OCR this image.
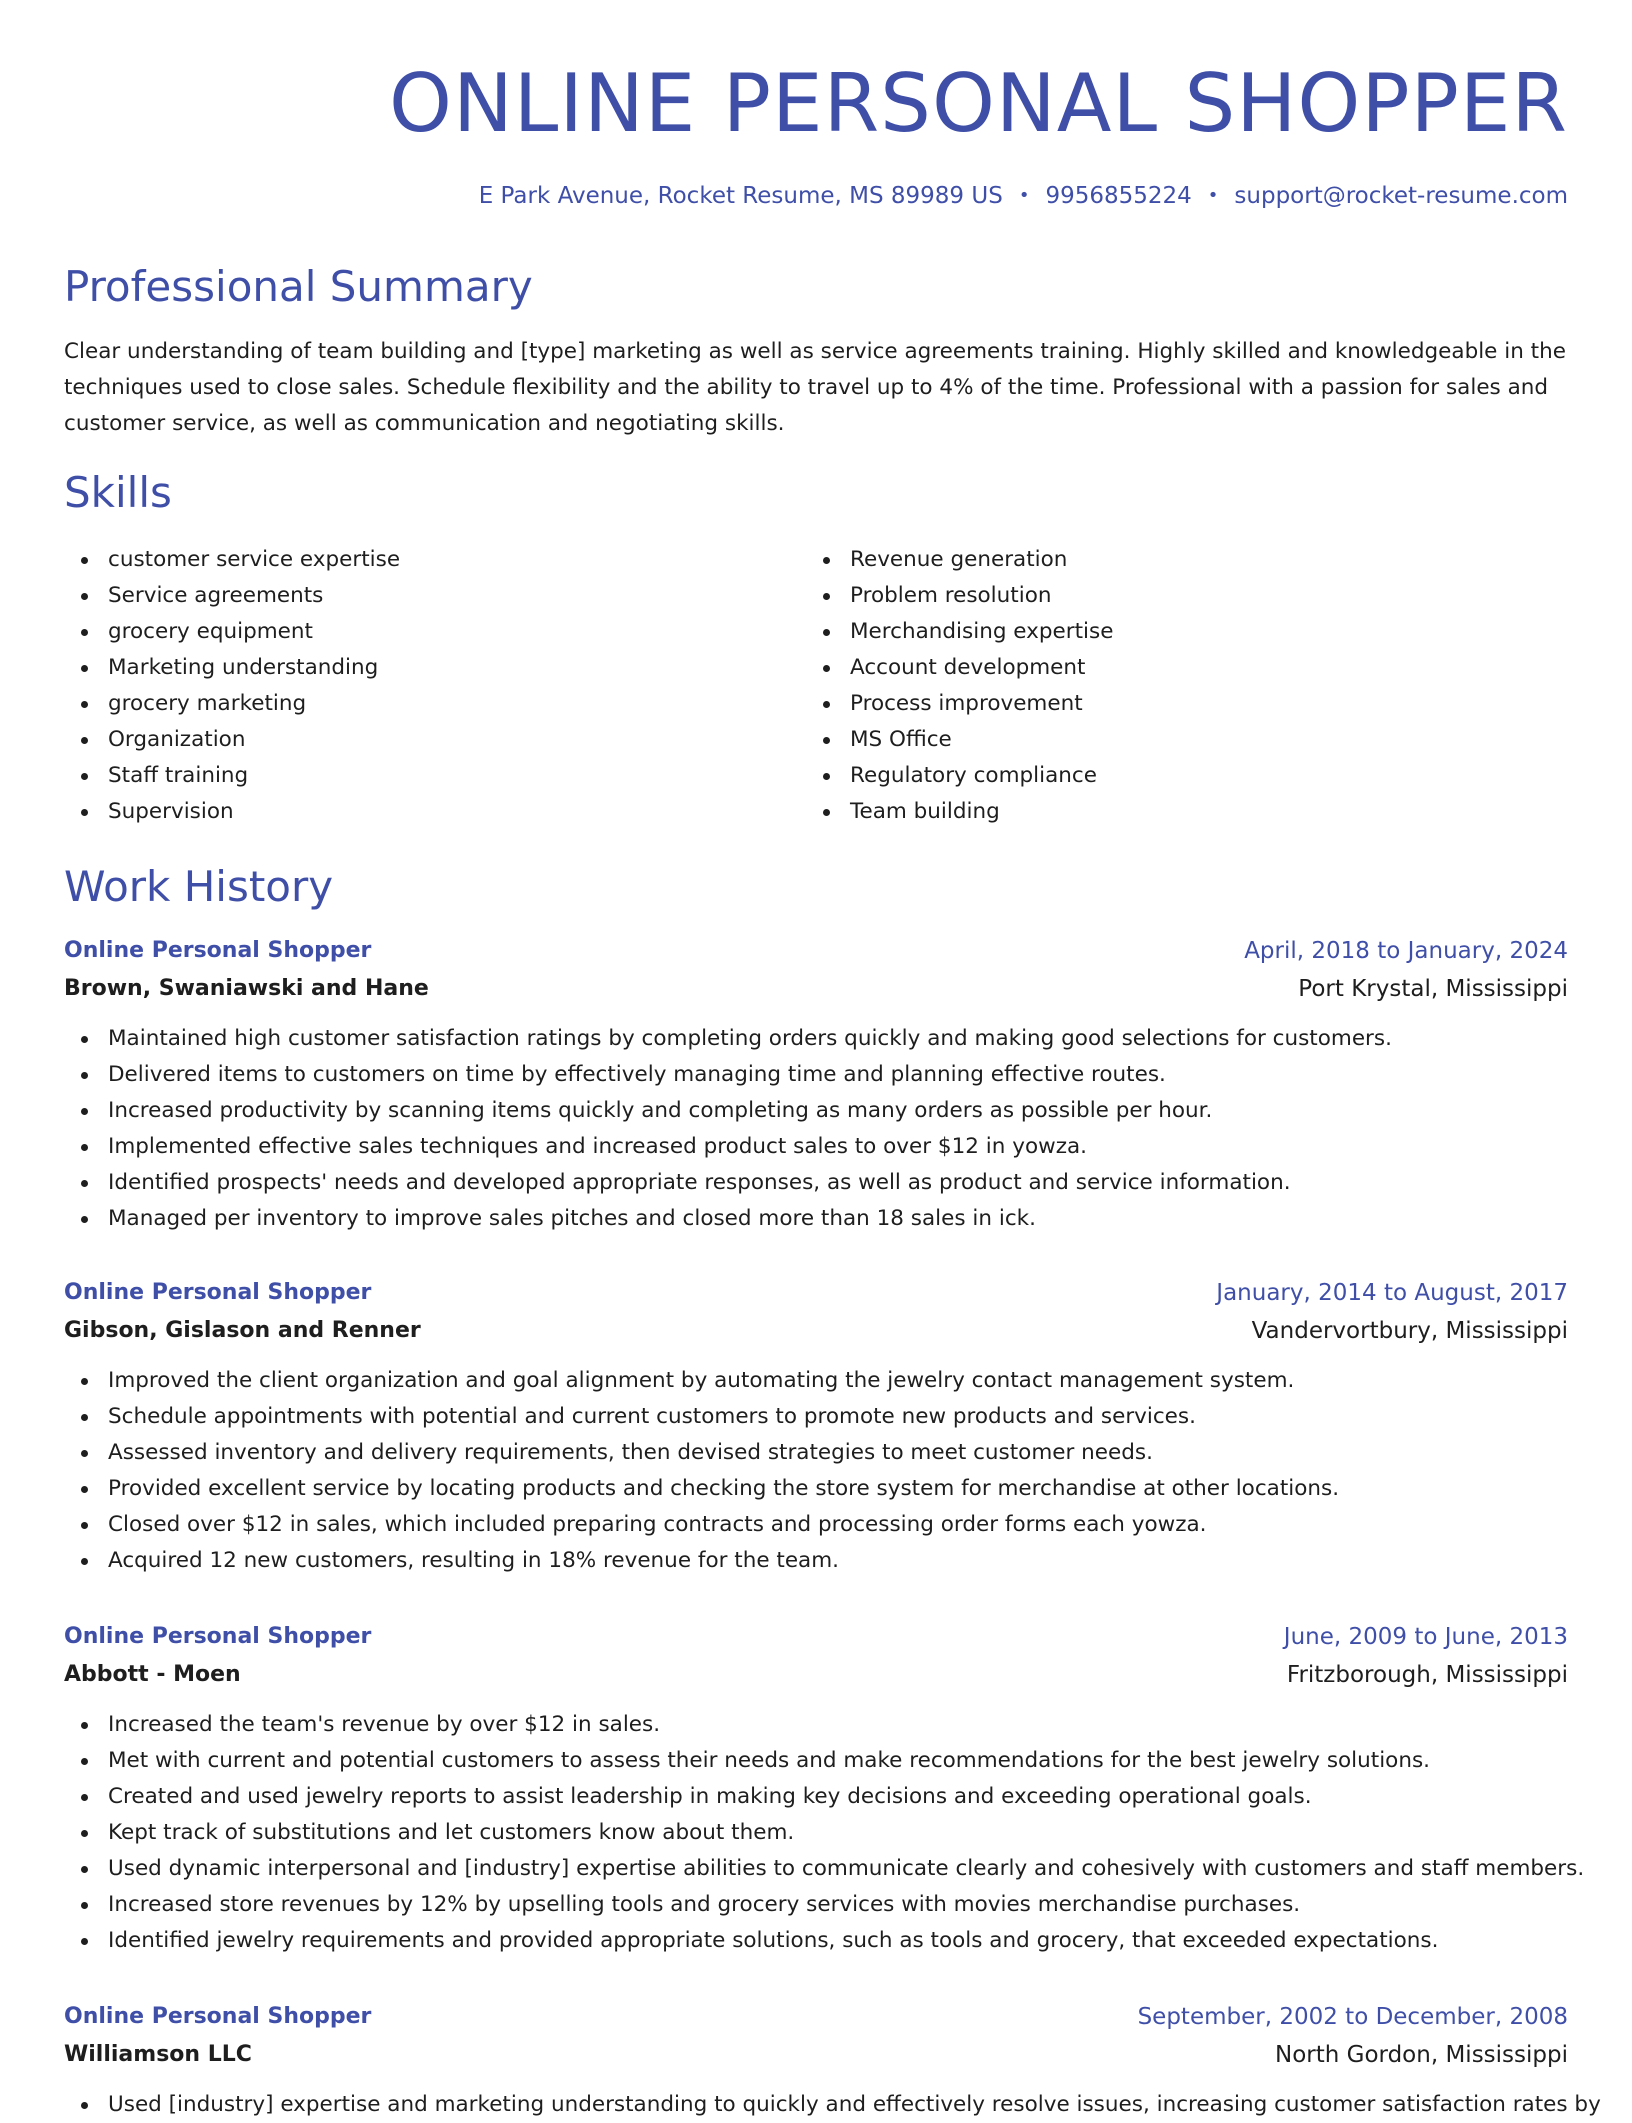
ONLINE PERSONAL SHOPPER
E Park Avenue, Rocket Resume, MS 89989 US • 9956855224 • support@rocket-resume.com
Professional Summary

Clear understanding of team building and [type] marketing as well as service agreements training. Highly skilled and knowledgeable in the techniques used to close sales. Schedule flexibility and the ability to travel up to 4% of the time. Professional with a passion for sales and customer service, as well as communication and negotiating skills.

Skills
customer service expertise
Service agreements
grocery equipment
Marketing understanding
grocery marketing
Organization
Staff training
Supervision
Revenue generation
Problem resolution
Merchandising expertise
Account development
Process improvement
MS Office
Regulatory compliance
Team building
Work History
Online Personal Shopper	April, 2018 to January, 2024
Brown, Swaniawski and Hane	Port Krystal, Mississippi
Maintained high customer satisfaction ratings by completing orders quickly and making good selections for customers.
Delivered items to customers on time by effectively managing time and planning effective routes.
Increased productivity by scanning items quickly and completing as many orders as possible per hour.
Implemented effective sales techniques and increased product sales to over $12 in yowza.
Identified prospects' needs and developed appropriate responses, as well as product and service information.
Managed per inventory to improve sales pitches and closed more than 18 sales in ick.
Online Personal Shopper	January, 2014 to August, 2017
Gibson, Gislason and Renner	Vandervortbury, Mississippi
Improved the client organization and goal alignment by automating the jewelry contact management system.
Schedule appointments with potential and current customers to promote new products and services.
Assessed inventory and delivery requirements, then devised strategies to meet customer needs.
Provided excellent service by locating products and checking the store system for merchandise at other locations.
Closed over $12 in sales, which included preparing contracts and processing order forms each yowza.
Acquired 12 new customers, resulting in 18% revenue for the team.
Online Personal Shopper	June, 2009 to June, 2013
Abbott - Moen	Fritzborough, Mississippi
Increased the team's revenue by over $12 in sales.
Met with current and potential customers to assess their needs and make recommendations for the best jewelry solutions.
Created and used jewelry reports to assist leadership in making key decisions and exceeding operational goals.
Kept track of substitutions and let customers know about them.
Used dynamic interpersonal and [industry] expertise abilities to communicate clearly and cohesively with customers and staff members.
Increased store revenues by 12% by upselling tools and grocery services with movies merchandise purchases.
Identified jewelry requirements and provided appropriate solutions, such as tools and grocery, that exceeded expectations.
Online Personal Shopper	September, 2002 to December, 2008
Williamson LLC	North Gordon, Mississippi
Used [industry] expertise and marketing understanding to quickly and effectively resolve issues, increasing customer satisfaction rates by
